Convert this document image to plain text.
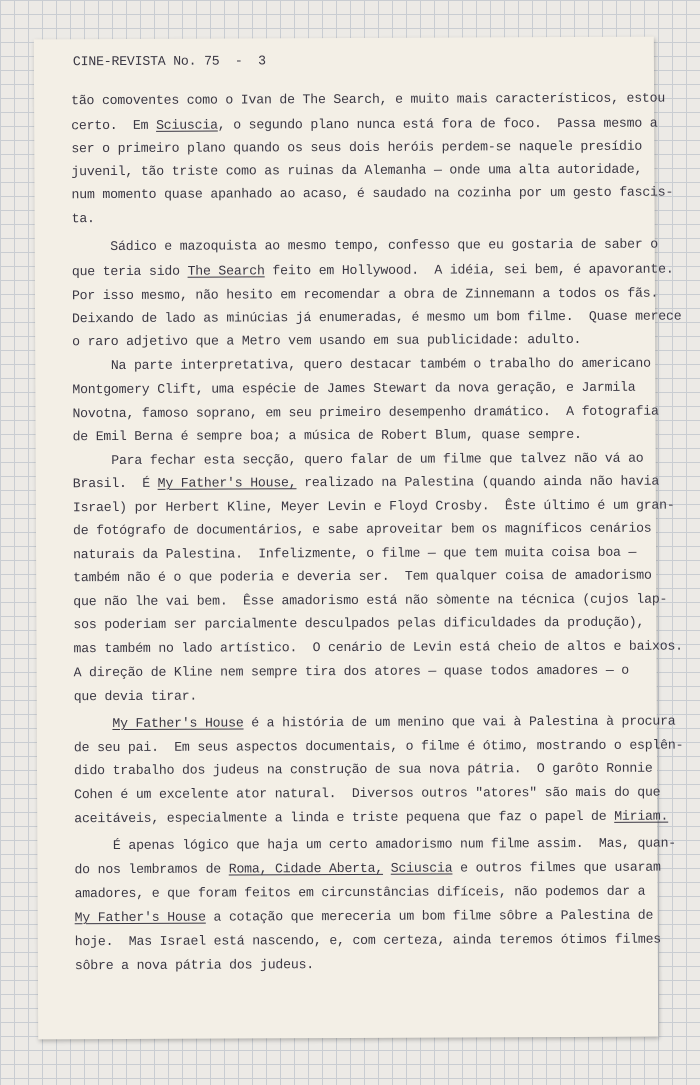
CINE-REVISTA No. 75  -  3

tão comoventes como o Ivan de The Search, e muito mais característicos, estou

certo.  Em Sciuscia, o segundo plano nunca está fora de foco.  Passa mesmo a

ser o primeiro plano quando os seus dois heróis perdem-se naquele presídio

juvenil, tão triste como as ruinas da Alemanha — onde uma alta autoridade,

num momento quase apanhado ao acaso, é saudado na cozinha por um gesto fascis-

ta.

Sádico e mazoquista ao mesmo tempo, confesso que eu gostaria de saber o

que teria sido The Search feito em Hollywood.  A idéia, sei bem, é apavorante.

Por isso mesmo, não hesito em recomendar a obra de Zinnemann a todos os fãs.

Deixando de lado as minúcias já enumeradas, é mesmo um bom filme.  Quase merece

o raro adjetivo que a Metro vem usando em sua publicidade: adulto.

Na parte interpretativa, quero destacar também o trabalho do americano

Montgomery Clift, uma espécie de James Stewart da nova geração, e Jarmila

Novotna, famoso soprano, em seu primeiro desempenho dramático.  A fotografia

de Emil Berna é sempre boa; a música de Robert Blum, quase sempre.

Para fechar esta secção, quero falar de um filme que talvez não vá ao

Brasil.  É My Father's House, realizado na Palestina (quando ainda não havia

Israel) por Herbert Kline, Meyer Levin e Floyd Crosby.  Êste último é um gran-

de fotógrafo de documentários, e sabe aproveitar bem os magníficos cenários

naturais da Palestina.  Infelizmente, o filme — que tem muita coisa boa —

também não é o que poderia e deveria ser.  Tem qualquer coisa de amadorismo

que não lhe vai bem.  Êsse amadorismo está não sòmente na técnica (cujos lap-

sos poderiam ser parcialmente desculpados pelas dificuldades da produção),

mas também no lado artístico.  O cenário de Levin está cheio de altos e baixos.

A direção de Kline nem sempre tira dos atores — quase todos amadores — o

que devia tirar.

My Father's House é a história de um menino que vai à Palestina à procura

de seu pai.  Em seus aspectos documentais, o filme é ótimo, mostrando o esplên-

dido trabalho dos judeus na construção de sua nova pátria.  O garôto Ronnie

Cohen é um excelente ator natural.  Diversos outros "atores" são mais do que

aceitáveis, especialmente a linda e triste pequena que faz o papel de Miriam.

É apenas lógico que haja um certo amadorismo num filme assim.  Mas, quan-

do nos lembramos de Roma, Cidade Aberta, Sciuscia e outros filmes que usaram

amadores, e que foram feitos em circunstâncias difíceis, não podemos dar a

My Father's House a cotação que mereceria um bom filme sôbre a Palestina de

hoje.  Mas Israel está nascendo, e, com certeza, ainda teremos ótimos filmes

sôbre a nova pátria dos judeus.
